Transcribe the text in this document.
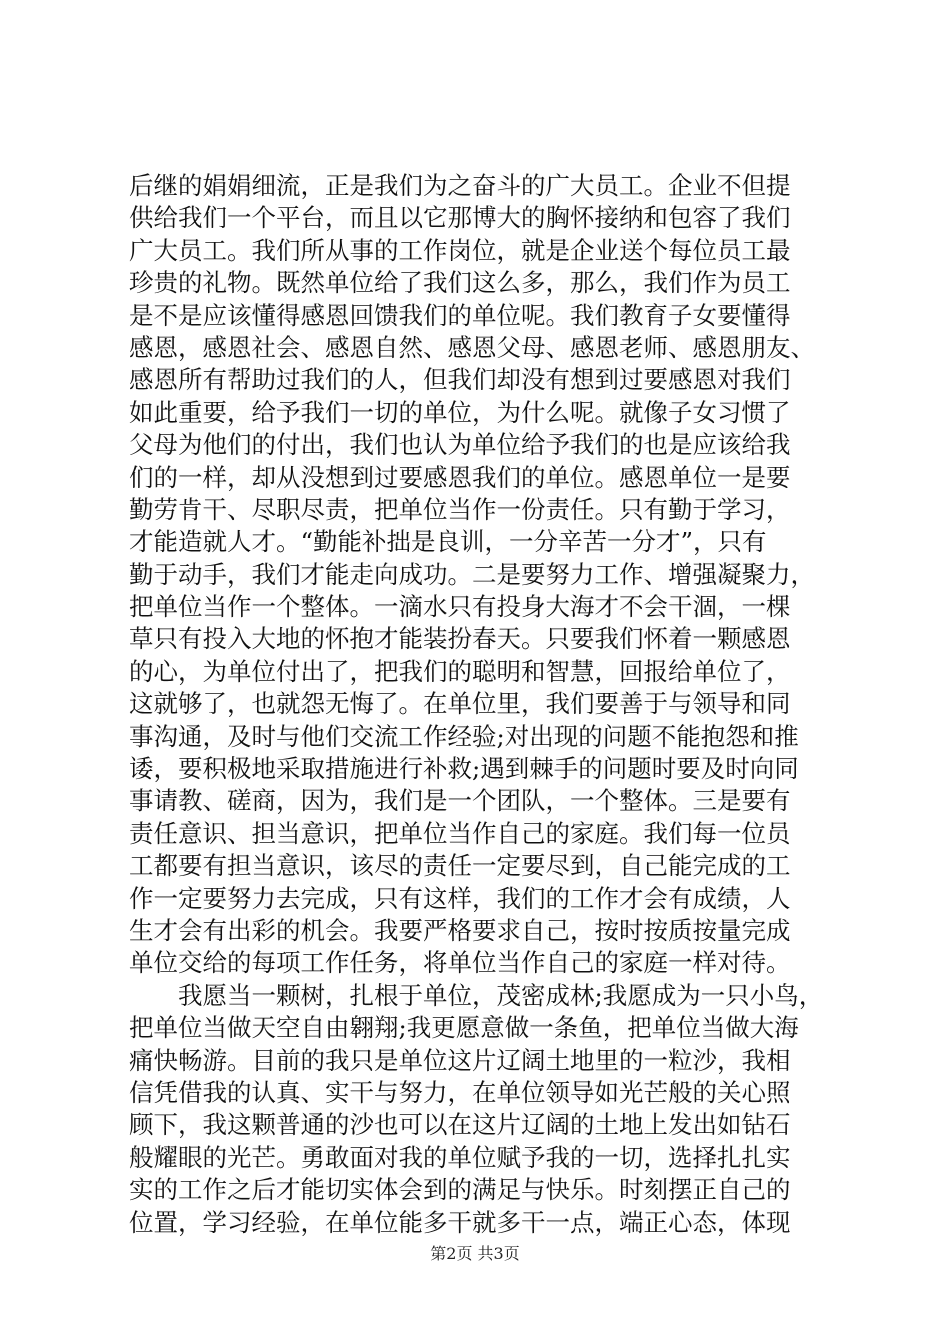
后继的娟娟细流，正是我们为之奋斗的广大员工。企业不但提
供给我们一个平台，而且以它那博大的胸怀接纳和包容了我们
广大员工。我们所从事的工作岗位，就是企业送个每位员工最
珍贵的礼物。既然单位给了我们这么多，那么，我们作为员工
是不是应该懂得感恩回馈我们的单位呢。我们教育子女要懂得
感恩，感恩社会、感恩自然、感恩父母、感恩老师、感恩朋友、
感恩所有帮助过我们的人，但我们却没有想到过要感恩对我们
如此重要，给予我们一切的单位，为什么呢。就像子女习惯了
父母为他们的付出，我们也认为单位给予我们的也是应该给我
们的一样，却从没想到过要感恩我们的单位。感恩单位一是要
勤劳肯干、尽职尽责，把单位当作一份责任。只有勤于学习，
才能造就人才。“勤能补拙是良训，一分辛苦一分才”，只有
勤于动手，我们才能走向成功。二是要努力工作、增强凝聚力，
把单位当作一个整体。一滴水只有投身大海才不会干涸，一棵
草只有投入大地的怀抱才能装扮春天。只要我们怀着一颗感恩
的心，为单位付出了，把我们的聪明和智慧，回报给单位了，
这就够了，也就怨无悔了。在单位里，我们要善于与领导和同
事沟通，及时与他们交流工作经验;对出现的问题不能抱怨和推
诿，要积极地采取措施进行补救;遇到棘手的问题时要及时向同
事请教、磋商，因为，我们是一个团队，一个整体。三是要有
责任意识、担当意识，把单位当作自己的家庭。我们每一位员
工都要有担当意识，该尽的责任一定要尽到，自己能完成的工
作一定要努力去完成，只有这样，我们的工作才会有成绩，人
生才会有出彩的机会。我要严格要求自己，按时按质按量完成
单位交给的每项工作任务，将单位当作自己的家庭一样对待。
　　我愿当一颗树，扎根于单位，茂密成林;我愿成为一只小鸟，
把单位当做天空自由翱翔;我更愿意做一条鱼，把单位当做大海
痛快畅游。目前的我只是单位这片辽阔土地里的一粒沙，我相
信凭借我的认真、实干与努力，在单位领导如光芒般的关心照
顾下，我这颗普通的沙也可以在这片辽阔的土地上发出如钻石
般耀眼的光芒。勇敢面对我的单位赋予我的一切，选择扎扎实
实的工作之后才能切实体会到的满足与快乐。时刻摆正自己的
位置，学习经验，在单位能多干就多干一点，端正心态，体现
第2页 共3页
